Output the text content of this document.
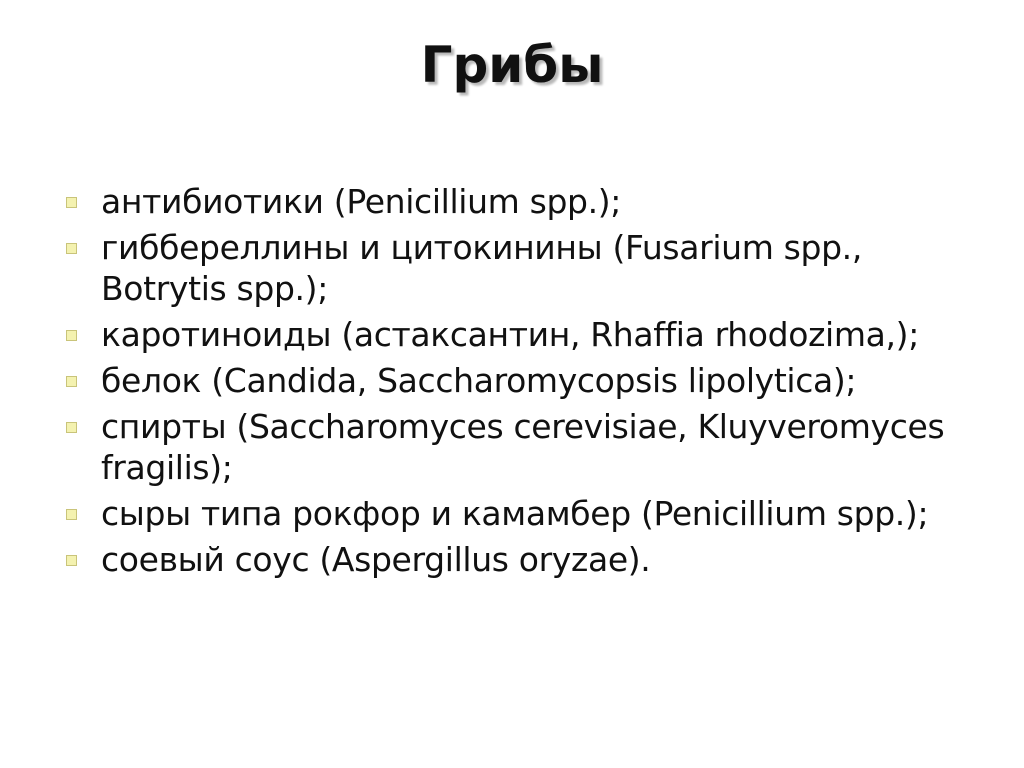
Грибы
антибиотики (Penicillium spp.);
гиббереллины и цитокинины (Fusarium spp., Botrytis spp.);
каротиноиды (астаксантин, Rhaffia rhodozima,);
белок (Candida, Saccharomycopsis lipolytica);
спирты (Saccharomyces cerevisiae, Kluyveromyces fragilis);
сыры типа рокфор и камамбер (Penicillium spp.);
соевый соус (Aspergillus oryzae).
